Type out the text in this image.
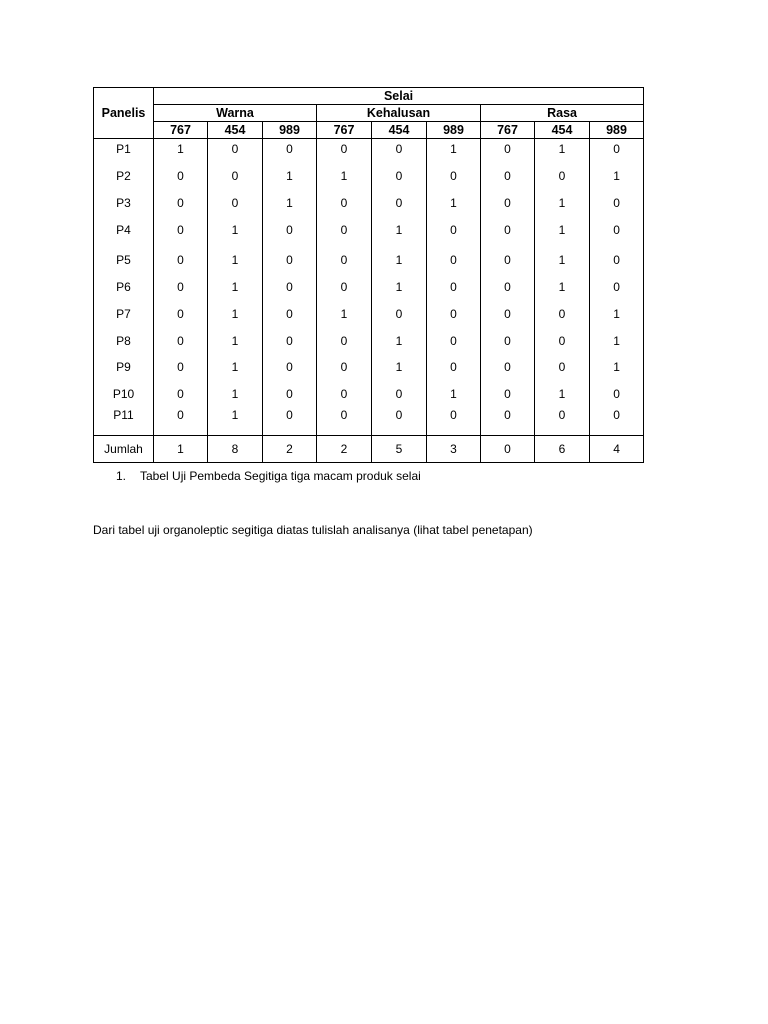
Panelis	Selai								
	Warna			Kehalusan			Rasa		
	767	454	989	767	454	989	767	454	989
P1	1	0	0	0	0	1	0	1	0
P2	0	0	1	1	0	0	0	0	1
P3	0	0	1	0	0	1	0	1	0
P4	0	1	0	0	1	0	0	1	0
P5	0	1	0	0	1	0	0	1	0
P6	0	1	0	0	1	0	0	1	0
P7	0	1	0	1	0	0	0	0	1
P8	0	1	0	0	1	0	0	0	1
P9	0	1	0	0	1	0	0	0	1
P10	0	1	0	0	0	1	0	1	0
P11	0	1	0	0	0	0	0	0	0

Jumlah	1	8	2	2	5	3	0	6	4
1. Tabel Uji Pembeda Segitiga tiga macam produk selai
Dari tabel uji organoleptic segitiga diatas tulislah analisanya (lihat tabel penetapan)
